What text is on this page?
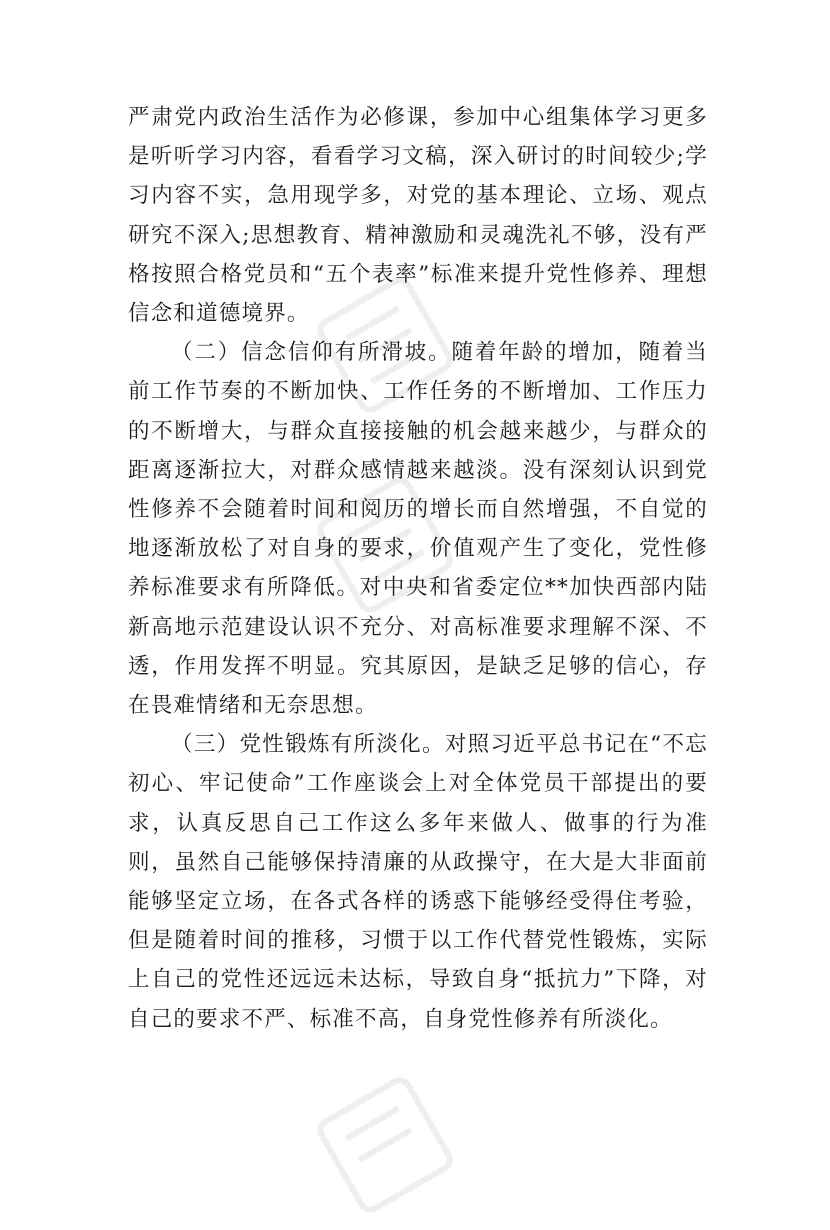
严肃党内政治生活作为必修课，参加中心组集体学习更多是听听学习内容，看看学习文稿，深入研讨的时间较少;学习内容不实，急用现学多，对党的基本理论、立场、观点研究不深入;思想教育、精神激励和灵魂洗礼不够，没有严格按照合格党员和“五个表率”标准来提升党性修养、理想信念和道德境界。

（二）信念信仰有所滑坡。随着年龄的增加，随着当前工作节奏的不断加快、工作任务的不断增加、工作压力的不断增大，与群众直接接触的机会越来越少，与群众的距离逐渐拉大，对群众感情越来越淡。没有深刻认识到党性修养不会随着时间和阅历的增长而自然增强，不自觉的地逐渐放松了对自身的要求，价值观产生了变化，党性修养标准要求有所降低。对中央和省委定位**加快西部内陆新高地示范建设认识不充分、对高标准要求理解不深、不透，作用发挥不明显。究其原因，是缺乏足够的信心，存在畏难情绪和无奈思想。

（三）党性锻炼有所淡化。对照习近平总书记在“不忘初心、牢记使命”工作座谈会上对全体党员干部提出的要求，认真反思自己工作这么多年来做人、做事的行为准则，虽然自己能够保持清廉的从政操守，在大是大非面前能够坚定立场，在各式各样的诱惑下能够经受得住考验，但是随着时间的推移，习惯于以工作代替党性锻炼，实际上自己的党性还远远未达标，导致自身“抵抗力”下降，对自己的要求不严、标准不高，自身党性修养有所淡化。
